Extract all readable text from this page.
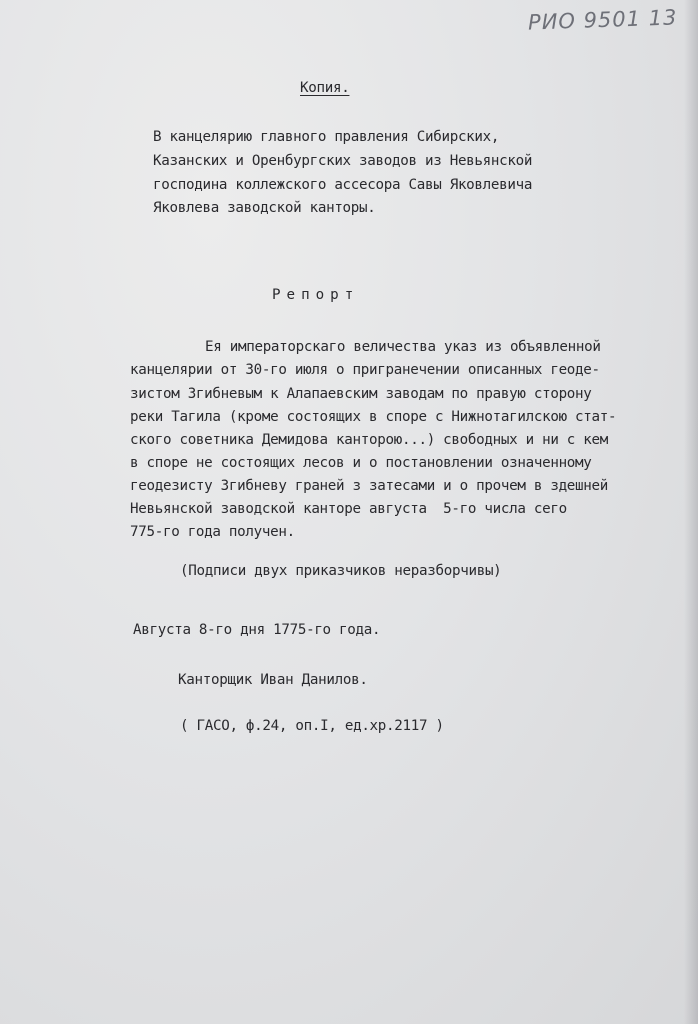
РИО 9501 13
Копия.
В канцелярию главного правления Сибирских,
Казанских и Оренбургских заводов из Невьянской
господина коллежского ассесора Савы Яковлевича
Яковлева заводской канторы.
Репорт
Ея императорскаго величества указ из объявленной
канцелярии от 30-го июля о пригранечении описанных геоде-
зистом Згибневым к Алапаевским заводам по правую сторону
реки Тагила (кроме состоящих в споре с Нижнотагилскою стат-
ского советника Демидова канторою...) свободных и ни с кем
в споре не состоящих лесов и о постановлении означенному
геодезисту Згибневу граней з затесами и о прочем в здешней
Невьянской заводской канторе августа  5-го числа сего
775-го года получен.
(Подписи двух приказчиков неразборчивы)
Августа 8-го дня 1775-го года.
Канторщик Иван Данилов.
( ГАСО, ф.24, оп.I, ед.хр.2117 )
